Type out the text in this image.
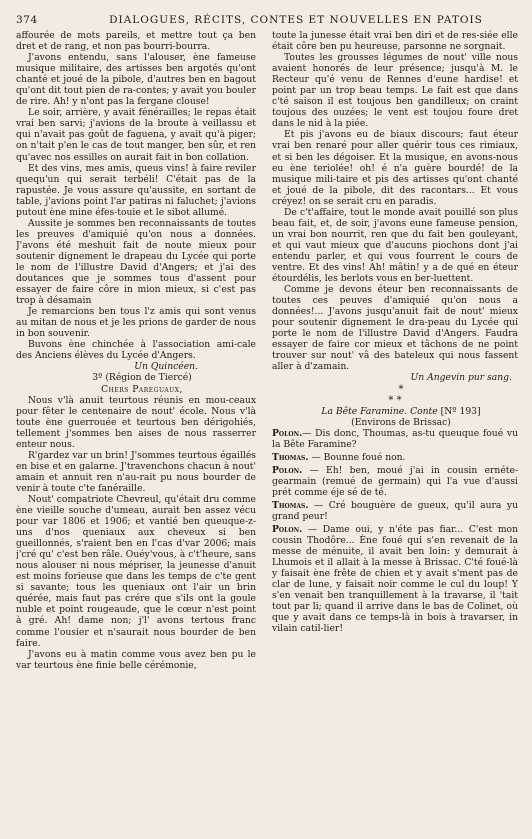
374	DIALOGUES, RÉCITS, CONTES ET NOUVELLES EN PATOIS

affourée de mots pareils, et mettre tout ça ben dret et de rang, et non pas bourri-bourra.

J'avons entendu, sans l'alouser, ène fameuse musique militaire, des artisses ben argotés qu'ont chanté et joué de la pibole, d'autres ben en bagout qu'ont dit tout pien de ra-contes; y avait you bouler de rire. Ah! y n'ont pas la fergane clouse!

Le soir, arrière, y avait fénérailles; le repas était vrai ben sarvi; j'avions de la broute à veillassu et qui n'avait pas goût de faguena, y avait qu'à piger; on n'tait p'en le cas de tout manger, ben sûr, et ren qu'avec nos essilles on aurait fait in bon collation.

Et des vins, mes amis, queus vins! à faire reviler quequ'un qui serait terbéli! C'était pas de la rapustée. Je vous assure qu'aussite, en sortant de table, j'avions point l'ar patiras ni faluchet; j'avions putout ène mine éfes-touie et le sibot allumé.

Aussite je sommes ben reconnaissants de toutes les preuves d'amiquié qu'on nous a données. J'avons été meshuit fait de noute mieux pour soutenir dignement le drapeau du Lycée qui porte le nom de l'illustre David d'Angers; et j'ai des doutances que je sommes tous d'assent pour essayer de faire côre in mion mieux, si c'est pas trop à désamain

Je remarcions ben tous l'z amis qui sont venus au mitan de nous et je les prions de garder de nous in bon souvenir.

Buvons ène chinchée à l'association ami-cale des Anciens élèves du Lycée d'Angers.

Un Quincéen.

3º (Région de Tiercé)

Chers Pareguaux,

Nous v'là anuit teurtous réunis en mou-ceaux pour fêter le centenaire de nout' école. Nous v'là toute ène guerrouée et teurtous ben dérigohiés, tellement j'sommes ben aises de nous rasserrer enteur nous.

R'gardez var un brin! J'sommes teurtous égaillés en bise et en galarne. J'travenchons chacun à nout' amain et annuit ren n'au-rait pu nous bourder de venir à toute c'te fanéraille.

Nout' compatriote Chevreul, qu'était dru comme ène vieille souche d'umeau, aurait ben assez vécu pour var 1806 et 1906; et vantié ben queuque-z-uns d'nos queniaux aux cheveux si ben gueillonnés, s'raient ben en l'cas d'var 2006; mais j'cré qu' c'est ben râle. Ouéy'vous, à c't'heure, sans nous alouser ni nous mépriser, la jeunesse d'anuit est moins forieuse que dans les temps de c'te gent si savante; tous les queniaux ont l'air un brin quérée, mais faut pas crére que s'ils ont la goule nuble et point rougeaude, que le cœur n'est point à gré. Ah! dame non; j'l' avons tertous franc comme l'ousier et n'saurait nous bourder de ben faire.

J'avons eu à matin comme vous avez ben pu le var teurtous ène finie belle cérémonie,

toute la junesse était vrai ben diri et de res-siée elle était côre ben pu heureuse, parsonne ne sorgnait.

Toutes les grousses légumes de nout' ville nous avaient honorés de leur présence; jusqu'à M. le Recteur qu'é venu de Rennes d'eune hardise! et point par un trop beau temps. Le fait est que dans c'té saison il est toujous ben gandilleux; on craint toujous des ouzées; le vent est toujou foure dret dans le nid à la piée.

Et pis j'avons eu de biaux discours; faut éteur vrai ben renaré pour aller quérir tous ces rimiaux, et si ben les dégoiser. Et la musique, en avons-nous eu ène teriolée! oh! é n'a guère bourdé! de la musique mili-taire et pis des artisses qu'ont chanté et joué de la pibole, dit des racontars... Et vous créyez! on se serait cru en paradis.

De c't'affaire, tout le monde avait pouillé son plus beau fait, et, de soir, j'avons eune fameuse pension, un vrai bon nourrit, ren que du fait ben gouleyant, et qui vaut mieux que d'aucuns piochons dont j'ai entendu parler, et qui vous fourrent le cours de ventre. Et des vins! Ah! mâtin! y a de qué en éteur étourdélis, les berlots vous en ber-luettent.

Comme je devons éteur ben reconnaissants de toutes ces peuves d'amiquié qu'on nous a données!... J'avons jusqu'anuit fait de nout' mieux pour soutenir dignement le dra-peau du Lycée qui porte le nom de l'illustre David d'Angers. Faudra essayer de faire cor mieux et tâchons de ne point trouver sur nout' vâ des bateleux qui nous fassent aller à d'zamain.

Un Angevin pur sang.

*
* *

La Bête Faramine. Conte [Nº 193]

(Environs de Brissac)

Polon.— Dis donc, Thoumas, as-tu queuque foué vu la Bête Faramine?

Thomas. — Bounne foué non.

Polon. — Eh! ben, moué j'ai in cousin ernéte-gearmain (remué de germain) qui l'a vue d'aussi prét comme éje sé de té.

Thomas. — Cré bouguère de gueux, qu'il aura yu grand peur!

Polon. — Dame oui, y n'éte pas fiar... C'est mon cousin Thodôre... Ène foué qui s'en revenait de la messe de ménuite, il avait ben loin: y demurait à Lhumois et il allait à la messe à Brissac. C'té foué-là y faisait ène frête de chien et y avait s'ment pas de clar de lune, y faisait noir comme le cul du loup! Y s'en venait ben tranquillement à la travarse, il 'tait tout par li; quand il arrive dans le bas de Colinet, où que y avait dans ce temps-là in bois à travarser, in vilain catil-lier!
